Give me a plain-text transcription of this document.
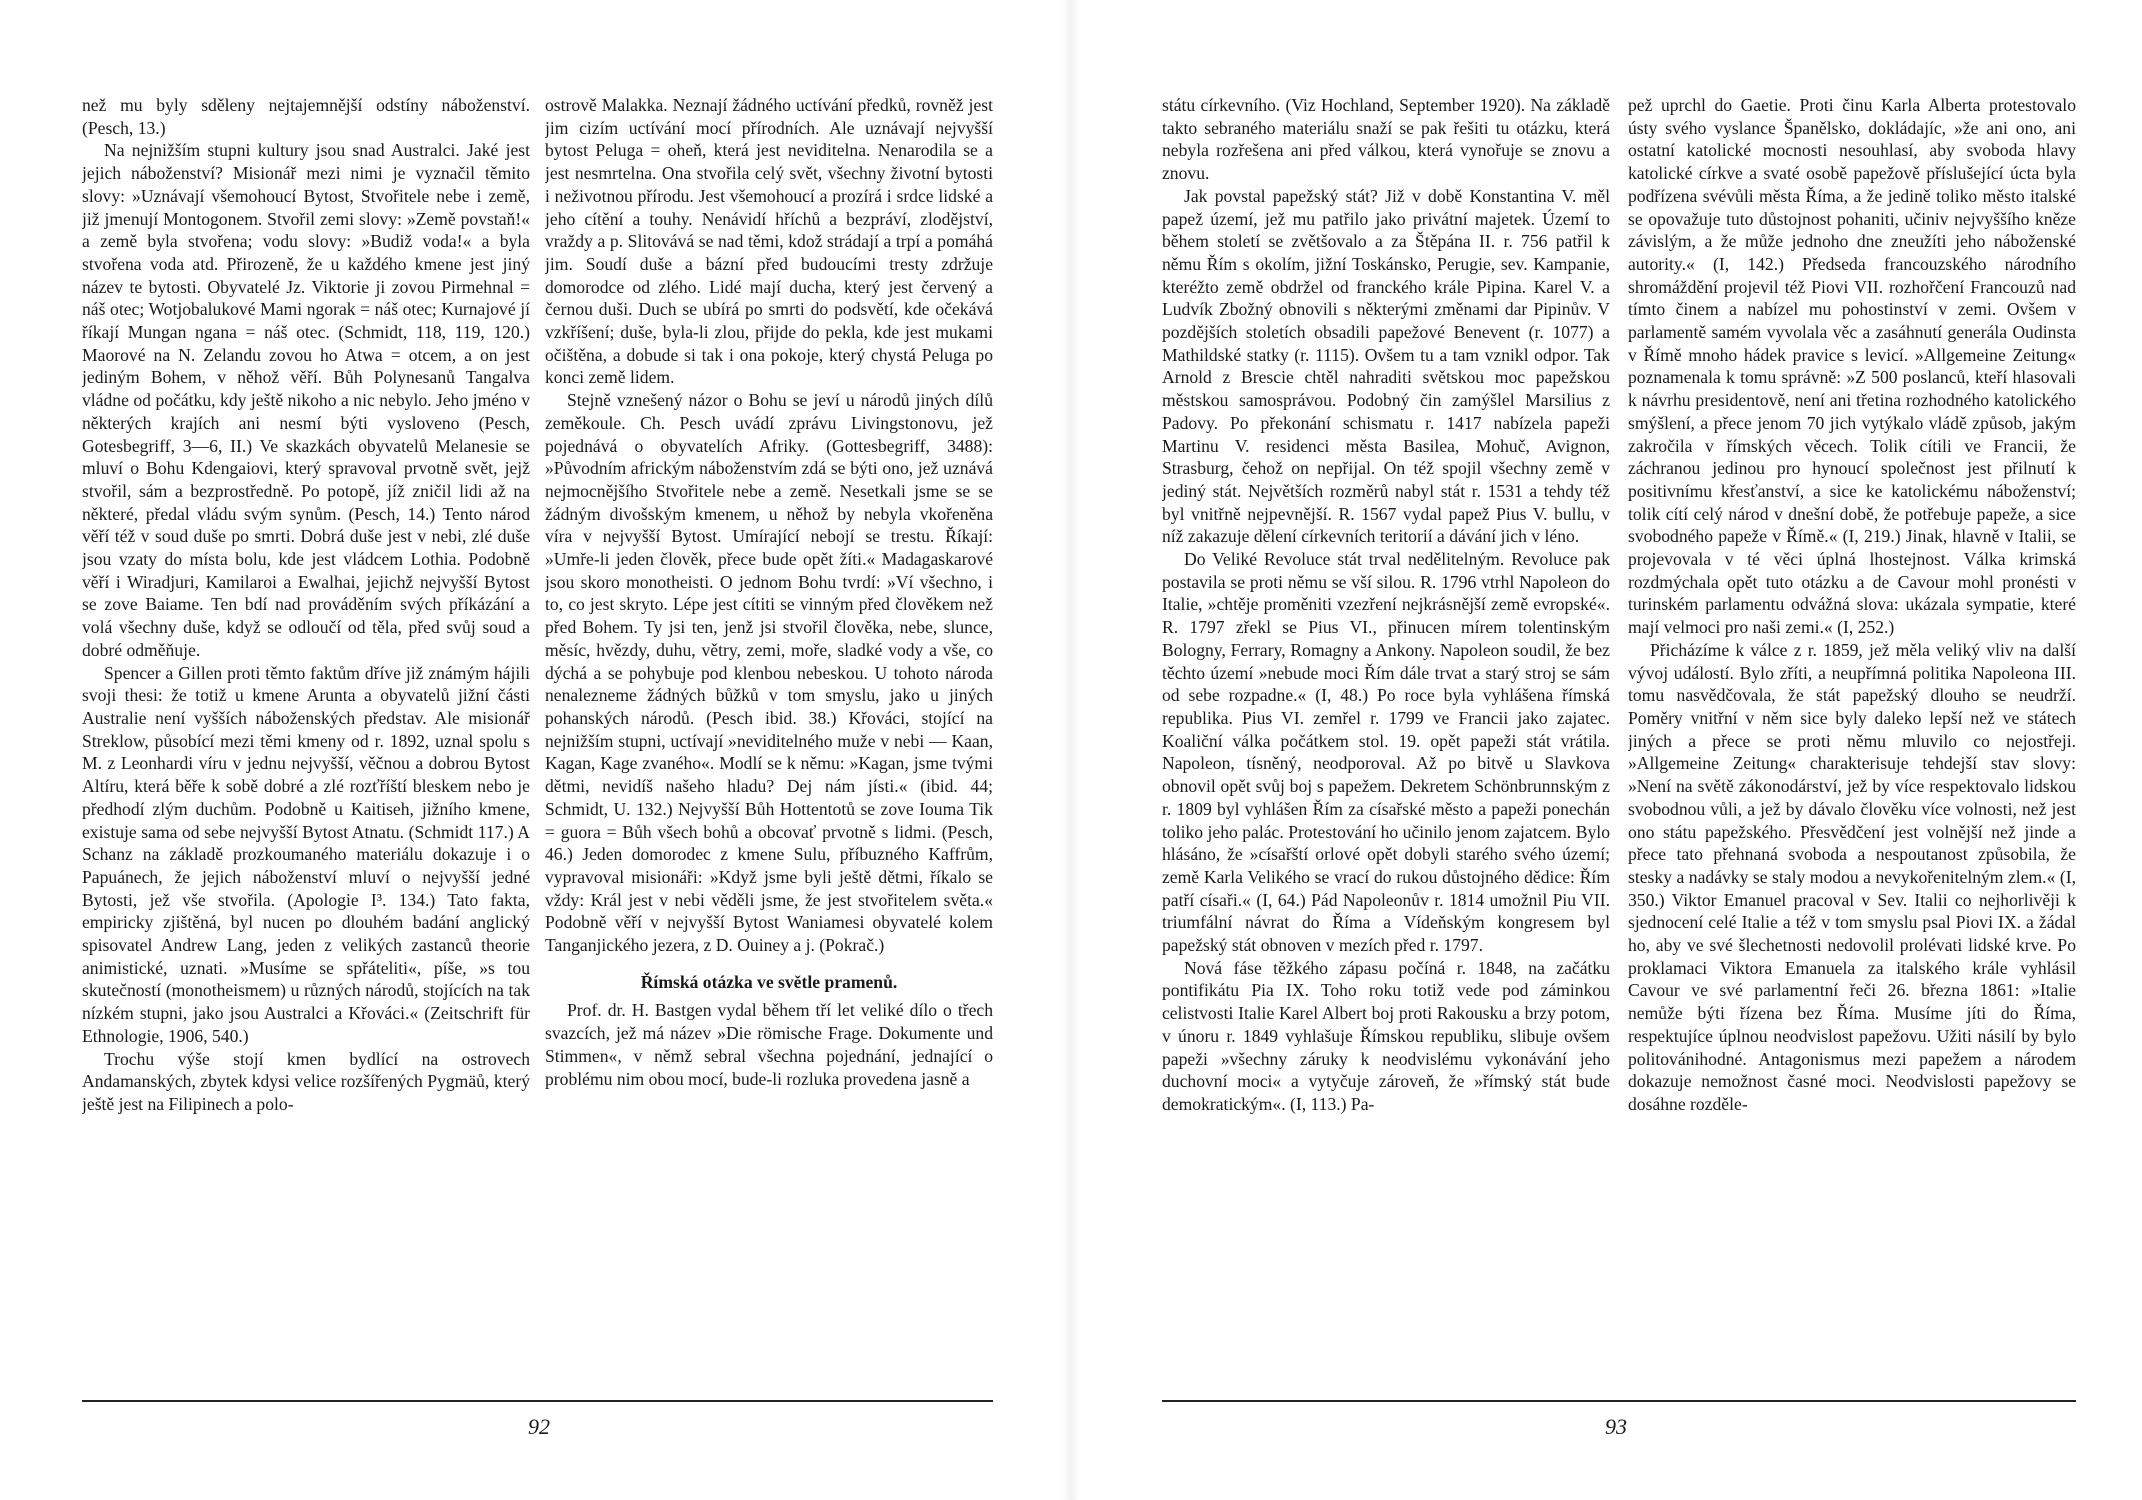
než mu byly sděleny nejtajemnější odstíny náboženství. (Pesch, 13.)

Na nejnižším stupni kultury jsou snad Australci. Jaké jest jejich náboženství? Misionář mezi nimi je vyznačil těmito slovy: »Uznávají všemohoucí Bytost, Stvořitele nebe i země, již jmenují Montogonem. Stvořil zemi slovy: »Země povstaň!« a země byla stvořena; vodu slovy: »Budiž voda!« a byla stvořena voda atd. Přirozeně, že u každého kmene jest jiný název te bytosti. Obyvatelé Jz. Viktorie ji zovou Pirmehnal = náš otec; Wotjobalukové Mami ngorak = náš otec; Kurnajové jí říkají Mungan ngana = náš otec. (Schmidt, 118, 119, 120.) Maorové na N. Zelandu zovou ho Atwa = otcem, a on jest jediným Bohem, v něhož věří. Bůh Polynesanů Tangalva vládne od počátku, kdy ještě nikoho a nic nebylo. Jeho jméno v některých krajích ani nesmí býti vysloveno (Pesch, Gotesbegriff, 3—6, II.) Ve skazkách obyvatelů Melanesie se mluví o Bohu Kdengaiovi, který spravoval prvotně svět, jejž stvořil, sám a bezprostředně. Po potopě, jíž zničil lidi až na některé, předal vládu svým synům. (Pesch, 14.) Tento národ věří též v soud duše po smrti. Dobrá duše jest v nebi, zlé duše jsou vzaty do místa bolu, kde jest vládcem Lothia. Podobně věří i Wiradjuri, Kamilaroi a Ewalhai, jejichž nejvyšší Bytost se zove Baiame. Ten bdí nad prováděním svých příkázání a volá všechny duše, když se odloučí od těla, před svůj soud a dobré odměňuje.

Spencer a Gillen proti těmto faktům dříve již známým hájili svoji thesi: že totiž u kmene Arunta a obyvatelů jižní části Australie není vyšších náboženských představ. Ale misionář Streklow, působící mezi těmi kmeny od r. 1892, uznal spolu s M. z Leonhardi víru v jednu nejvyšší, věčnou a dobrou Bytost Altíru, která běře k sobě dobré a zlé rozťříští bleskem nebo je předhodí zlým duchům. Podobně u Kaitiseh, jižního kmene, existuje sama od sebe nejvyšší Bytost Atnatu. (Schmidt 117.) A Schanz na základě prozkoumaného materiálu dokazuje i o Papuánech, že jejich náboženství mluví o nejvyšší jedné Bytosti, jež vše stvořila. (Apologie I³. 134.) Tato fakta, empiricky zjištěná, byl nucen po dlouhém badání anglický spisovatel Andrew Lang, jeden z velikých zastanců theorie animistické, uznati. »Musíme se spřáteliti«, píše, »s tou skutečností (monotheismem) u různých národů, stojících na tak nízkém stupni, jako jsou Australci a Křováci.« (Zeitschrift für Ethnologie, 1906, 540.)

Trochu výše stojí kmen bydlící na ostrovech Andamanských, zbytek kdysi velice rozšířených Pygmäů, který ještě jest na Filipinech a polo-

ostrově Malakka. Neznají žádného uctívání předků, rovněž jest jim cizím uctívání mocí přírodních. Ale uznávají nejvyšší bytost Peluga = oheň, která jest neviditelna. Nenarodila se a jest nesmrtelna. Ona stvořila celý svět, všechny životní bytosti i neživotnou přírodu. Jest všemohoucí a prozírá i srdce lidské a jeho cítění a touhy. Nenávidí hříchů a bezpráví, zlodějství, vraždy a p. Slitovává se nad těmi, kdož strádají a trpí a pomáhá jim. Soudí duše a bázní před budoucími tresty zdržuje domorodce od zlého. Lidé mají ducha, který jest červený a černou duši. Duch se ubírá po smrti do podsvětí, kde očekává vzkříšení; duše, byla-li zlou, přijde do pekla, kde jest mukami očištěna, a dobude si tak i ona pokoje, který chystá Peluga po konci země lidem.

Stejně vznešený názor o Bohu se jeví u národů jiných dílů zeměkoule. Ch. Pesch uvádí zprávu Livingstonovu, jež pojednává o obyvatelích Afriky. (Gottesbegriff, 3488): »Původním africkým náboženstvím zdá se býti ono, jež uznává nejmocnějšího Stvořitele nebe a země. Nesetkali jsme se se žádným divošským kmenem, u něhož by nebyla vkořeněna víra v nejvyšší Bytost. Umírající nebojí se trestu. Říkají: »Umře-li jeden člověk, přece bude opět žíti.« Madagaskarové jsou skoro monotheisti. O jednom Bohu tvrdí: »Ví všechno, i to, co jest skryto. Lépe jest cítiti se vinným před člověkem než před Bohem. Ty jsi ten, jenž jsi stvořil člověka, nebe, slunce, měsíc, hvězdy, duhu, větry, zemi, moře, sladké vody a vše, co dýchá a se pohybuje pod klenbou nebeskou. U tohoto národa nenalezneme žádných bůžků v tom smyslu, jako u jiných pohanských národů. (Pesch ibid. 38.) Křováci, stojící na nejnižším stupni, uctívají »neviditelného muže v nebi — Kaan, Kagan, Kage zvaného«. Modlí se k němu: »Kagan, jsme tvými dětmi, nevidíš našeho hladu? Dej nám jísti.« (ibid. 44; Schmidt, U. 132.) Nejvyšší Bůh Hottentotů se zove Iouma Tik = guora = Bůh všech bohů a obcovať prvotně s lidmi. (Pesch, 46.) Jeden domorodec z kmene Sulu, příbuzného Kaffrům, vypravoval misionáři: »Když jsme byli ještě dětmi, říkalo se vždy: Král jest v nebi věděli jsme, že jest stvořitelem světa.« Podobně věří v nejvyšší Bytost Waniamesi obyvatelé kolem Tanganjického jezera, z D. Ouiney a j. (Pokrač.)

Římská otázka ve světle pramenů.

Prof. dr. H. Bastgen vydal během tří let veliké dílo o třech svazcích, jež má název »Die römische Frage. Dokumente und Stimmen«, v němž sebral všechna pojednání, jednající o problému nim obou mocí, bude-li rozluka provedena jasně a

státu církevního. (Viz Hochland, September 1920). Na základě takto sebraného materiálu snaží se pak řešiti tu otázku, která nebyla rozřešena ani před válkou, která vynořuje se znovu a znovu.

Jak povstal papežský stát? Již v době Konstantina V. měl papež území, jež mu patřilo jako privátní majetek. Území to během století se zvětšovalo a za Štěpána II. r. 756 patřil k němu Řím s okolím, jižní Toskánsko, Perugie, sev. Kampanie, kteréžto země obdržel od franckého krále Pipina. Karel V. a Ludvík Zbožný obnovili s některými změnami dar Pipinův. V pozdějších stoletích obsadili papežové Benevent (r. 1077) a Mathildské statky (r. 1115). Ovšem tu a tam vznikl odpor. Tak Arnold z Brescie chtěl nahraditi světskou moc papežskou městskou samosprávou. Podobný čin zamýšlel Marsilius z Padovy. Po překonání schismatu r. 1417 nabízela papeži Martinu V. residenci města Basilea, Mohuč, Avignon, Strasburg, čehož on nepřijal. On též spojil všechny země v jediný stát. Největších rozměrů nabyl stát r. 1531 a tehdy též byl vnitřně nejpevnější. R. 1567 vydal papež Pius V. bullu, v níž zakazuje dělení církevních teritorií a dávání jich v léno.

Do Veliké Revoluce stát trval nedělitelným. Revoluce pak postavila se proti němu se vší silou. R. 1796 vtrhl Napoleon do Italie, »chtěje proměniti vzezření nejkrásnější země evropské«. R. 1797 zřekl se Pius VI., přinucen mírem tolentinským Bologny, Ferrary, Romagny a Ankony. Napoleon soudil, že bez těchto území »nebude moci Řím dále trvat a starý stroj se sám od sebe rozpadne.« (I, 48.) Po roce byla vyhlášena římská republika. Pius VI. zemřel r. 1799 ve Francii jako zajatec. Koaliční válka počátkem stol. 19. opět papeži stát vrátila. Napoleon, tísněný, neodporoval. Až po bitvě u Slavkova obnovil opět svůj boj s papežem. Dekretem Schönbrunnským z r. 1809 byl vyhlášen Řím za císařské město a papeži ponechán toliko jeho palác. Protestování ho učinilo jenom zajatcem. Bylo hlásáno, že »císařští orlové opět dobyli starého svého území; země Karla Velikého se vrací do rukou důstojného dědice: Řím patří císaři.« (I, 64.) Pád Napoleonův r. 1814 umožnil Piu VII. triumfální návrat do Říma a Vídeňským kongresem byl papežský stát obnoven v mezích před r. 1797.

Nová fáse těžkého zápasu počíná r. 1848, na začátku pontifikátu Pia IX. Toho roku totiž vede pod záminkou celistvosti Italie Karel Albert boj proti Rakousku a brzy potom, v únoru r. 1849 vyhlašuje Římskou republiku, slibuje ovšem papeži »všechny záruky k neodvislému vykonávání jeho duchovní moci« a vytyčuje zároveň, že »římský stát bude demokratickým«. (I, 113.) Pa-

pež uprchl do Gaetie. Proti činu Karla Alberta protestovalo ústy svého vyslance Španělsko, dokládajíc, »že ani ono, ani ostatní katolické mocnosti nesouhlasí, aby svoboda hlavy katolické církve a svaté osobě papežově příslušející úcta byla podřízena svévůli města Říma, a že jedině toliko město italské se opovažuje tuto důstojnost pohaniti, učiniv nejvyššího kněze závislým, a že může jednoho dne zneužíti jeho náboženské autority.« (I, 142.) Předseda francouzského národního shromáždění projevil též Piovi VII. rozhořčení Francouzů nad tímto činem a nabízel mu pohostinství v zemi. Ovšem v parlamentě samém vyvolala věc a zasáhnutí generála Oudinsta v Římě mnoho hádek pravice s levicí. »Allgemeine Zeitung« poznamenala k tomu správně: »Z 500 poslanců, kteří hlasovali k návrhu presidentově, není ani třetina rozhodného katolického smýšlení, a přece jenom 70 jich vytýkalo vládě způsob, jakým zakročila v římských věcech. Tolik cítili ve Francii, že záchranou jedinou pro hynoucí společnost jest přilnutí k positivnímu křesťanství, a sice ke katolickému náboženství; tolik cítí celý národ v dnešní době, že potřebuje papeže, a sice svobodného papeže v Římě.« (I, 219.) Jinak, hlavně v Italii, se projevovala v té věci úplná lhostejnost. Válka krimská rozdmýchala opět tuto otázku a de Cavour mohl pronésti v turinském parlamentu odvážná slova: ukázala sympatie, které mají velmoci pro naši zemi.« (I, 252.)

Přicházíme k válce z r. 1859, jež měla veliký vliv na další vývoj událostí. Bylo zříti, a neupřímná politika Napoleona III. tomu nasvědčovala, že stát papežský dlouho se neudrží. Poměry vnitřní v něm sice byly daleko lepší než ve státech jiných a přece se proti němu mluvilo co nejostřeji. »Allgemeine Zeitung« charakterisuje tehdejší stav slovy: »Není na světě zákonodárství, jež by více respektovalo lidskou svobodnou vůli, a jež by dávalo člověku více volnosti, než jest ono státu papežského. Přesvědčení jest volnější než jinde a přece tato přehnaná svoboda a nespoutanost způsobila, že stesky a nadávky se staly modou a nevykořenitelným zlem.« (I, 350.) Viktor Emanuel pracoval v Sev. Italii co nejhorlivěji k sjednocení celé Italie a též v tom smyslu psal Piovi IX. a žádal ho, aby ve své šlechetnosti nedovolil prolévati lidské krve. Po proklamaci Viktora Emanuela za italského krále vyhlásil Cavour ve své parlamentní řeči 26. března 1861: »Italie nemůže býti řízena bez Říma. Musíme jíti do Říma, respektujíce úplnou neodvislost papežovu. Užiti násilí by bylo politovánihodné. Antagonismus mezi papežem a národem dokazuje nemožnost časné moci. Neodvislosti papežovy se dosáhne rozděle-

92	93
